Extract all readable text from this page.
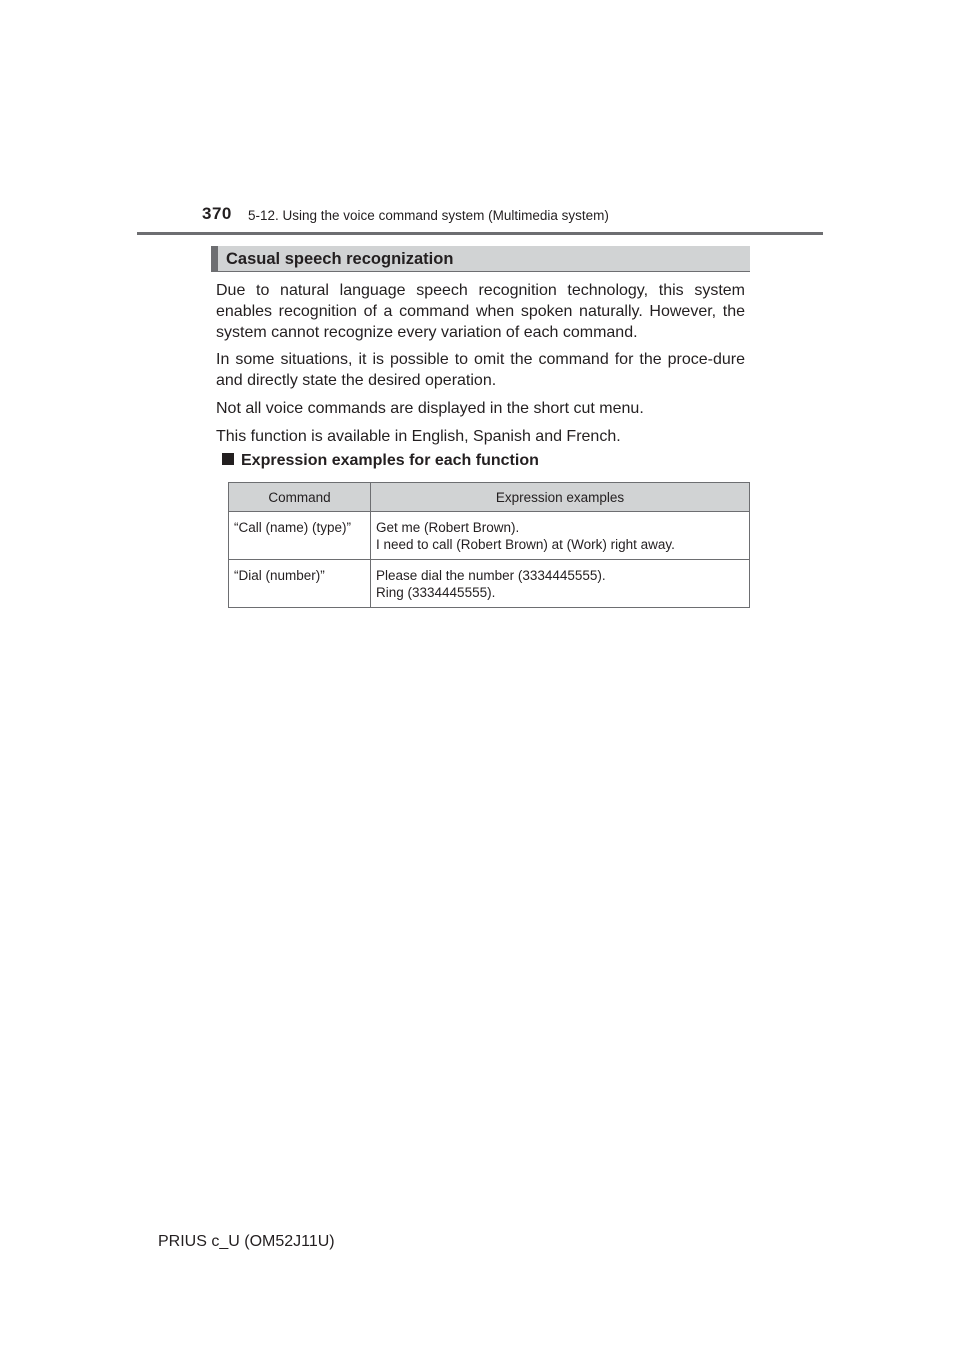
370 5-12. Using the voice command system (Multimedia system)
Casual speech recognization

Due to natural language speech recognition technology, this system enables recognition of a command when spoken naturally. However, the system cannot recognize every variation of each command.

In some situations, it is possible to omit the command for the proce-dure and directly state the desired operation.

Not all voice commands are displayed in the short cut menu.

This function is available in English, Spanish and French.

Expression examples for each function
Command	Expression examples
“Call (name) (type)”	Get me (Robert Brown).
I need to call (Robert Brown) at (Work) right away.

“Dial (number)”	Please dial the number (3334445555).
Ring (3334445555).
PRIUS c_U (OM52J11U)
